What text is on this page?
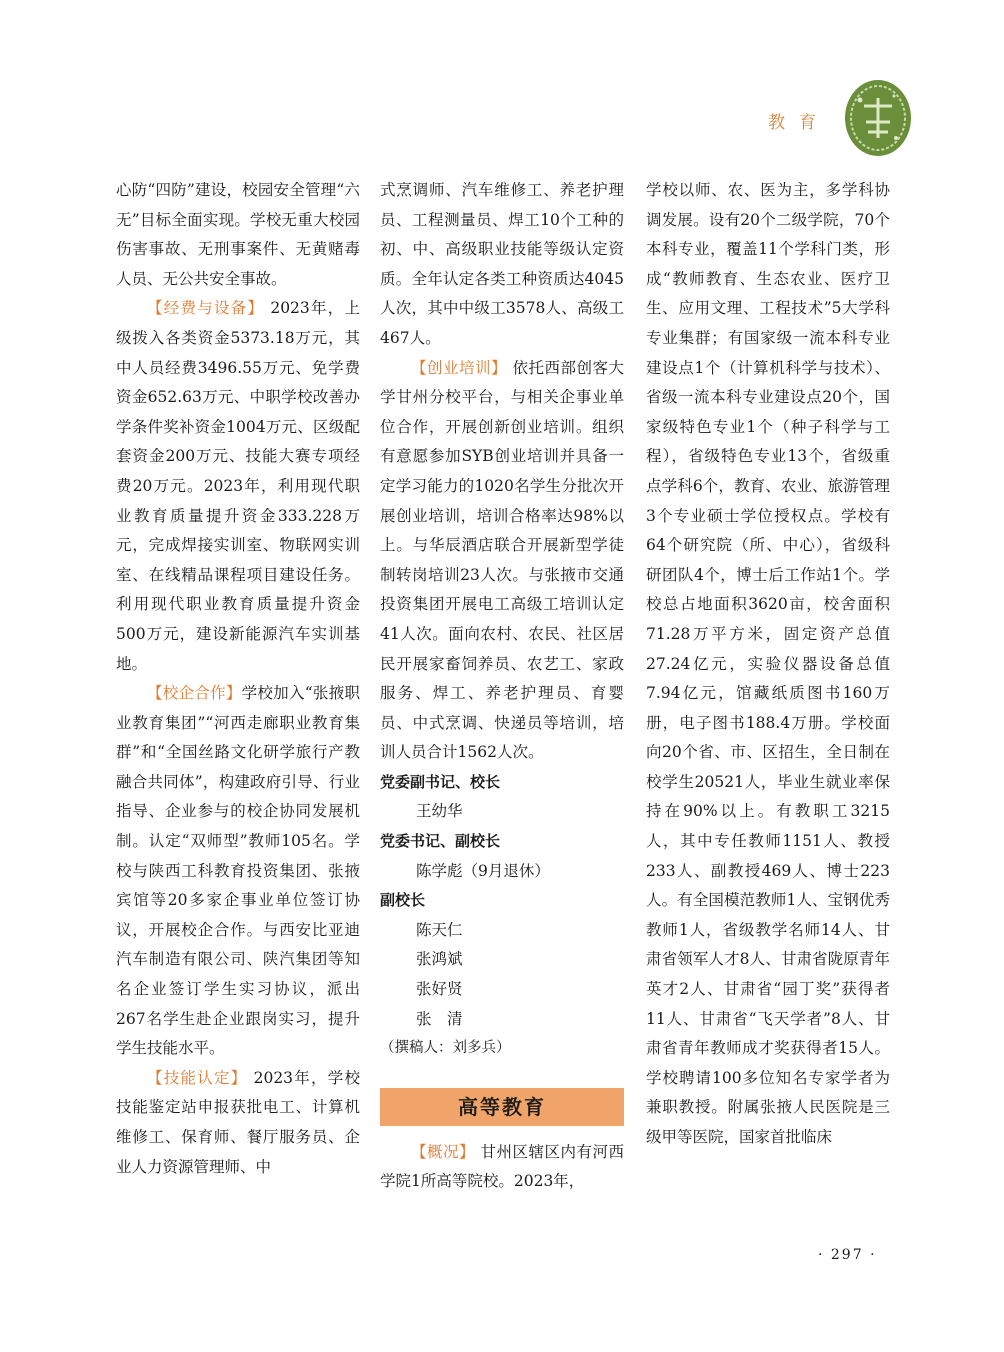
教育

心防“四防”建设，校园安全管理“六无”目标全面实现。学校无重大校园伤害事故、无刑事案件、无黄赌毒人员、无公共安全事故。

【经费与设备】 2023年，上级拨入各类资金5373.18万元，其中人员经费3496.55万元、免学费资金652.63万元、中职学校改善办学条件奖补资金1004万元、区级配套资金200万元、技能大赛专项经费20万元。2023年，利用现代职业教育质量提升资金333.228万元，完成焊接实训室、物联网实训室、在线精品课程项目建设任务。利用现代职业教育质量提升资金500万元，建设新能源汽车实训基地。

【校企合作】学校加入“张掖职业教育集团”“河西走廊职业教育集群”和“全国丝路文化研学旅行产教融合共同体”，构建政府引导、行业指导、企业参与的校企协同发展机制。认定“双师型”教师105名。学校与陕西工科教育投资集团、张掖宾馆等20多家企事业单位签订协议，开展校企合作。与西安比亚迪汽车制造有限公司、陕汽集团等知名企业签订学生实习协议，派出267名学生赴企业跟岗实习，提升学生技能水平。

【技能认定】 2023年，学校技能鉴定站申报获批电工、计算机维修工、保育师、餐厅服务员、企业人力资源管理师、中

式烹调师、汽车维修工、养老护理员、工程测量员、焊工10个工种的初、中、高级职业技能等级认定资质。全年认定各类工种资质达4045人次，其中中级工3578人、高级工467人。

【创业培训】 依托西部创客大学甘州分校平台，与相关企事业单位合作，开展创新创业培训。组织有意愿参加SYB创业培训并具备一定学习能力的1020名学生分批次开展创业培训，培训合格率达98%以上。与华辰酒店联合开展新型学徒制转岗培训23人次。与张掖市交通投资集团开展电工高级工培训认定41人次。面向农村、农民、社区居民开展家畜饲养员、农艺工、家政服务、焊工、养老护理员、育婴员、中式烹调、快递员等培训，培训人员合计1562人次。

党委副书记、校长

王幼华

党委书记、副校长

陈学彪（9月退休）

副校长

陈天仁

张鸿斌

张好贤

张　清

（撰稿人：刘多兵）

高等教育

【概况】 甘州区辖区内有河西学院1所高等院校。2023年，

学校以师、农、医为主，多学科协调发展。设有20个二级学院，70个本科专业，覆盖11个学科门类，形成“教师教育、生态农业、医疗卫生、应用文理、工程技术”5大学科专业集群；有国家级一流本科专业建设点1个（计算机科学与技术）、省级一流本科专业建设点20个，国家级特色专业1个（种子科学与工程），省级特色专业13个，省级重点学科6个，教育、农业、旅游管理3个专业硕士学位授权点。学校有64个研究院（所、中心），省级科研团队4个，博士后工作站1个。学校总占地面积3620亩，校舍面积71.28万平方米，固定资产总值27.24亿元，实验仪器设备总值7.94亿元，馆藏纸质图书160万册，电子图书188.4万册。学校面向20个省、市、区招生，全日制在校学生20521人，毕业生就业率保持在90%以上。有教职工3215人，其中专任教师1151人、教授233人、副教授469人、博士223人。有全国模范教师1人、宝钢优秀教师1人，省级教学名师14人、甘肃省领军人才8人、甘肃省陇原青年英才2人、甘肃省“园丁奖”获得者11人、甘肃省“飞天学者”8人、甘肃省青年教师成才奖获得者15人。学校聘请100多位知名专家学者为兼职教授。附属张掖人民医院是三级甲等医院，国家首批临床

· 297 ·
